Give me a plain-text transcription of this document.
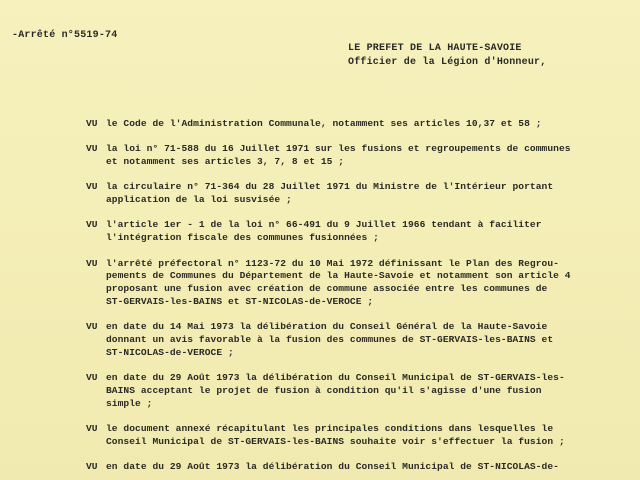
-Arrêté n°5519-74
LE PREFET DE LA HAUTE-SAVOIE
Officier de la Légion d'Honneur,
VU le Code de l'Administration Communale, notamment ses articles 10,37 et 58 ;
VU la loi n° 71-588 du 16 Juillet 1971 sur les fusions et regroupements de communes
et notamment ses articles 3, 7, 8 et 15 ;
VU la circulaire n° 71-364 du 28 Juillet 1971 du Ministre de l'Intérieur portant
application de la loi susvisée ;
VU l'article 1er - 1 de la loi n° 66-491 du 9 Juillet 1966 tendant à faciliter
l'intégration fiscale des communes fusionnées ;
VU l'arrêté préfectoral n° 1123-72 du 10 Mai 1972 définissant le Plan des Regrou-
pements de Communes du Département de la Haute-Savoie et notamment son article 4
proposant une fusion avec création de commune associée entre les communes de
ST-GERVAIS-les-BAINS et ST-NICOLAS-de-VEROCE ;
VU en date du 14 Mai 1973 la délibération du Conseil Général de la Haute-Savoie
donnant un avis favorable à la fusion des communes de ST-GERVAIS-les-BAINS et
ST-NICOLAS-de-VEROCE ;
VU en date du 29 Août 1973 la délibération du Conseil Municipal de ST-GERVAIS-les-
BAINS acceptant le projet de fusion à condition qu'il s'agisse d'une fusion
simple ;
VU le document annexé récapitulant les principales conditions dans lesquelles le
Conseil Municipal de ST-GERVAIS-les-BAINS souhaite voir s'effectuer la fusion ;
VU en date du 29 Août 1973 la délibération du Conseil Municipal de ST-NICOLAS-de-
